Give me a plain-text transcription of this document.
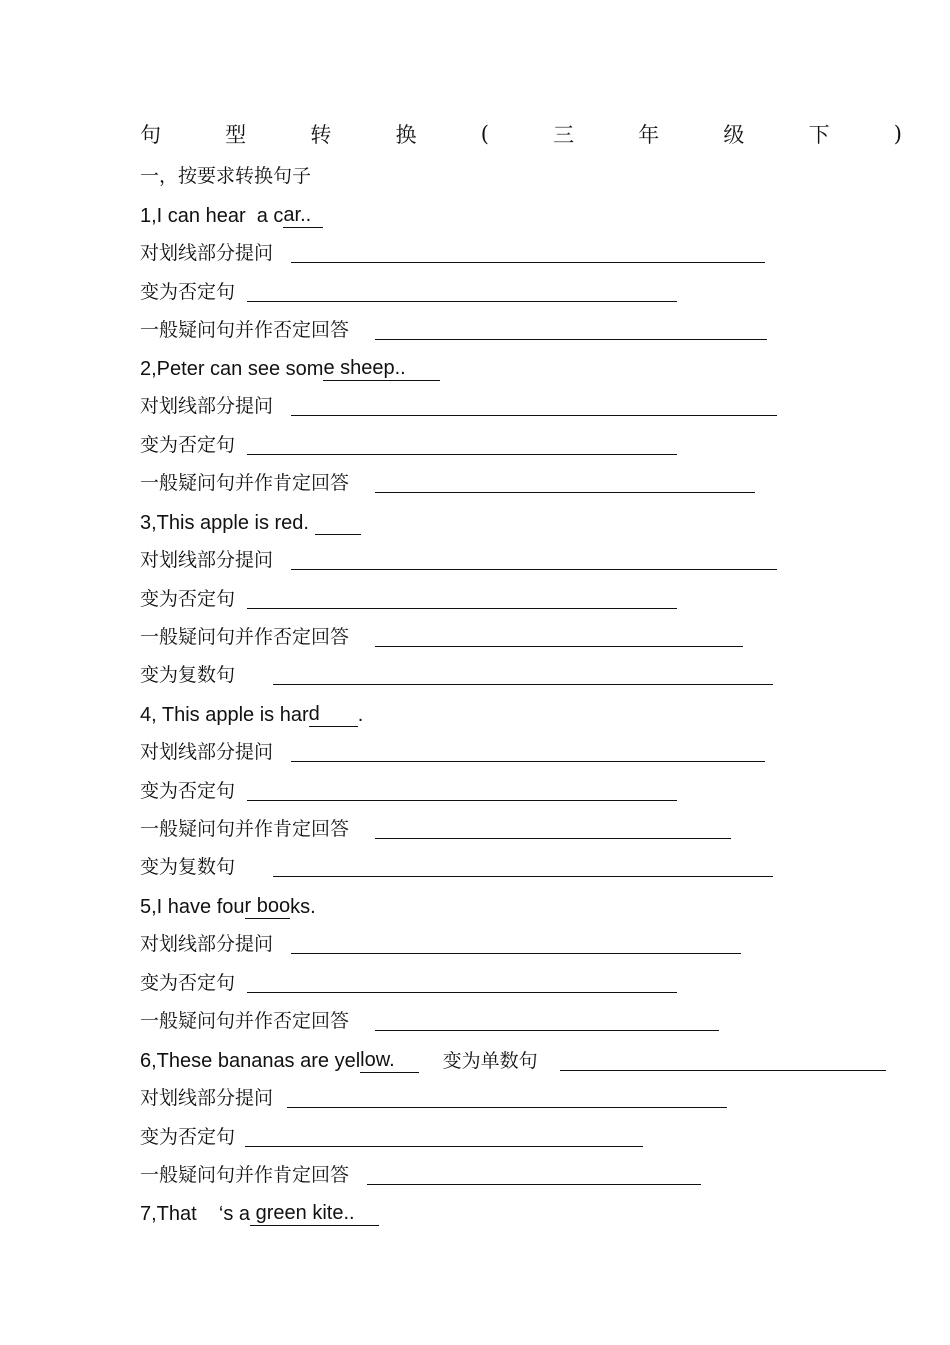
句	型	转	换	(	三	年	级	下	)
一，按要求转换句子
1,I can hear  a c ar..
对划线部分提问
变为否定句
一般疑问句并作否定回答
2,Peter can see som e sheep..
对划线部分提问
变为否定句
一般疑问句并作肯定回答
3,This apple is red.
对划线部分提问
变为否定句
一般疑问句并作否定回答
变为复数句
4, This apple is har d	.
对划线部分提问
变为否定句
一般疑问句并作肯定回答
变为复数句
5,I have fou r boo ks.
对划线部分提问
变为否定句
一般疑问句并作否定回答
6,These bananas are yel low.	变为单数句
对划线部分提问
变为否定句
一般疑问句并作肯定回答
7,That    ‘s a green kite..
